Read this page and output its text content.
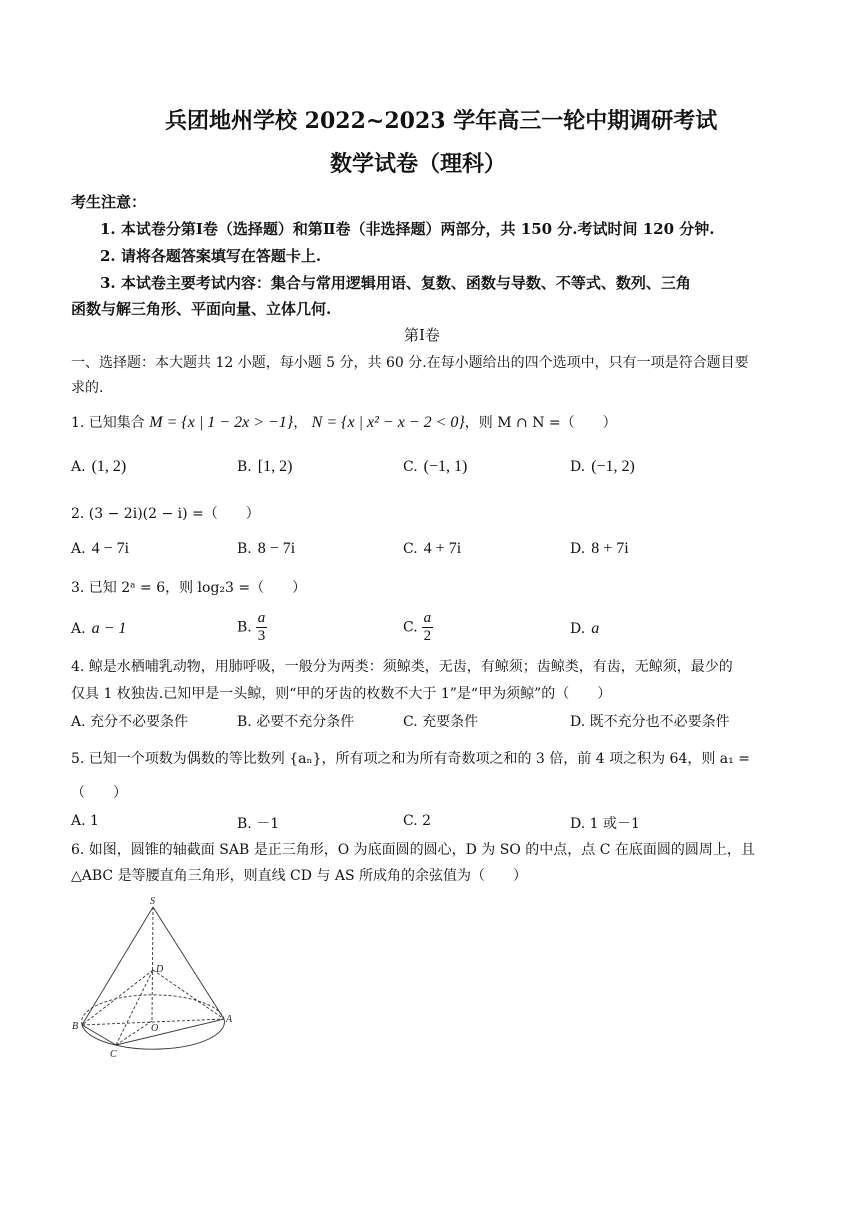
兵团地州学校 2022~2023 学年高三一轮中期调研考试
数学试卷（理科）
考生注意：
1. 本试卷分第Ⅰ卷（选择题）和第Ⅱ卷（非选择题）两部分，共 150 分.考试时间 120 分钟.
2. 请将各题答案填写在答题卡上.
3. 本试卷主要考试内容：集合与常用逻辑用语、复数、函数与导数、不等式、数列、三角
函数与解三角形、平面向量、立体几何.
第Ⅰ卷
一、选择题：本大题共 12 小题，每小题 5 分，共 60 分.在每小题给出的四个选项中，只有一项是符合题目要
求的.
1. 已知集合 M = {x | 1 − 2x > −1}， N = {x | x² − x − 2 < 0}，则 M ∩ N =（　　）
A. (1, 2)	B. [1, 2)	C. (−1, 1)	D. (−1, 2)
2. (3 − 2i)(2 − i) =（　　）
A. 4 − 7i	B. 8 − 7i	C. 4 + 7i	D. 8 + 7i
3. 已知 2ᵃ = 6，则 log₂3 =（　　）
A. a − 1	B. $\frac{a}{3}$	C. $\frac{a}{2}$	D. a
4. 鲸是水栖哺乳动物，用肺呼吸，一般分为两类：须鲸类，无齿，有鲸须；齿鲸类，有齿，无鲸须，最少的
仅具 1 枚独齿.已知甲是一头鲸，则“甲的牙齿的枚数不大于 1”是“甲为须鲸”的（　　）
A. 充分不必要条件	B. 必要不充分条件	C. 充要条件	D. 既不充分也不必要条件
5. 已知一个项数为偶数的等比数列 {aₙ}，所有项之和为所有奇数项之和的 3 倍，前 4 项之积为 64，则 a₁ =
（　　）
A. 1	B. －1	C. 2	D. 1 或－1
6. 如图，圆锥的轴截面 SAB 是正三角形，O 为底面圆的圆心，D 为 SO 的中点，点 C 在底面圆的圆周上，且
△ABC 是等腰直角三角形，则直线 CD 与 AS 所成角的余弦值为（　　）
S
D
O
A
B
C
